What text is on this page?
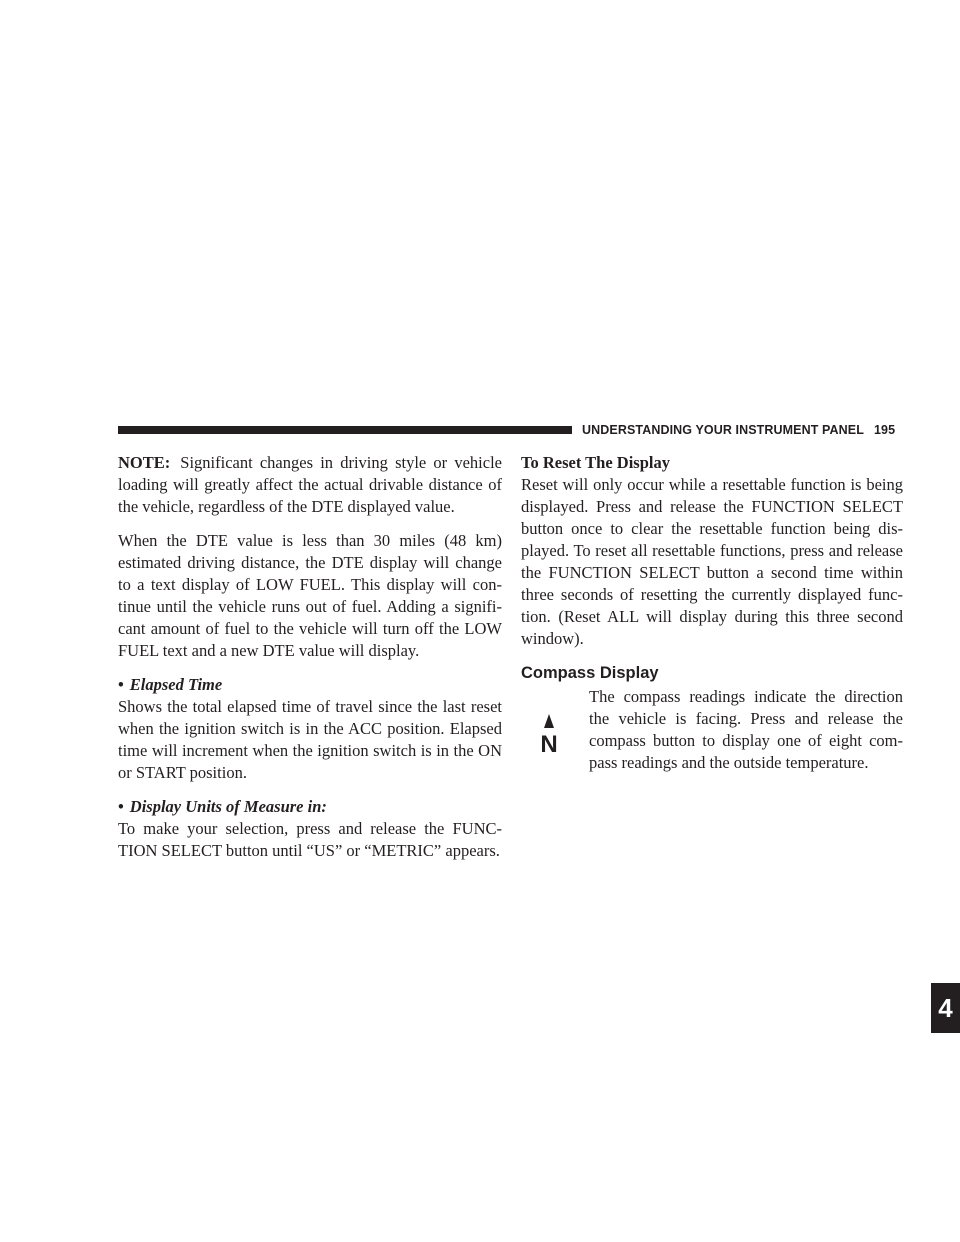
UNDERSTANDING YOUR INSTRUMENT PANEL 195

NOTE: Significant changes in driving style or vehicle loading will greatly affect the actual drivable distance of the vehicle, regardless of the DTE displayed value.

When the DTE value is less than 30 miles (48 km) estimated driving distance, the DTE display will change to a text display of LOW FUEL. This display will continue until the vehicle runs out of fuel. Adding a significant amount of fuel to the vehicle will turn off the LOW FUEL text and a new DTE value will display.

• Elapsed Time

Shows the total elapsed time of travel since the last reset when the ignition switch is in the ACC position. Elapsed time will increment when the ignition switch is in the ON or START position.

• Display Units of Measure in:

To make your selection, press and release the FUNCTION SELECT button until “US” or “METRIC” appears.

To Reset The Display

Reset will only occur while a resettable function is being displayed. Press and release the FUNCTION SELECT button once to clear the resettable function being displayed. To reset all resettable functions, press and release the FUNCTION SELECT button a second time within three seconds of resetting the currently displayed function. (Reset ALL will display during this three second window).

Compass Display
N

The compass readings indicate the direction the vehicle is facing. Press and release the compass button to display one of eight compass readings and the outside temperature.

4
